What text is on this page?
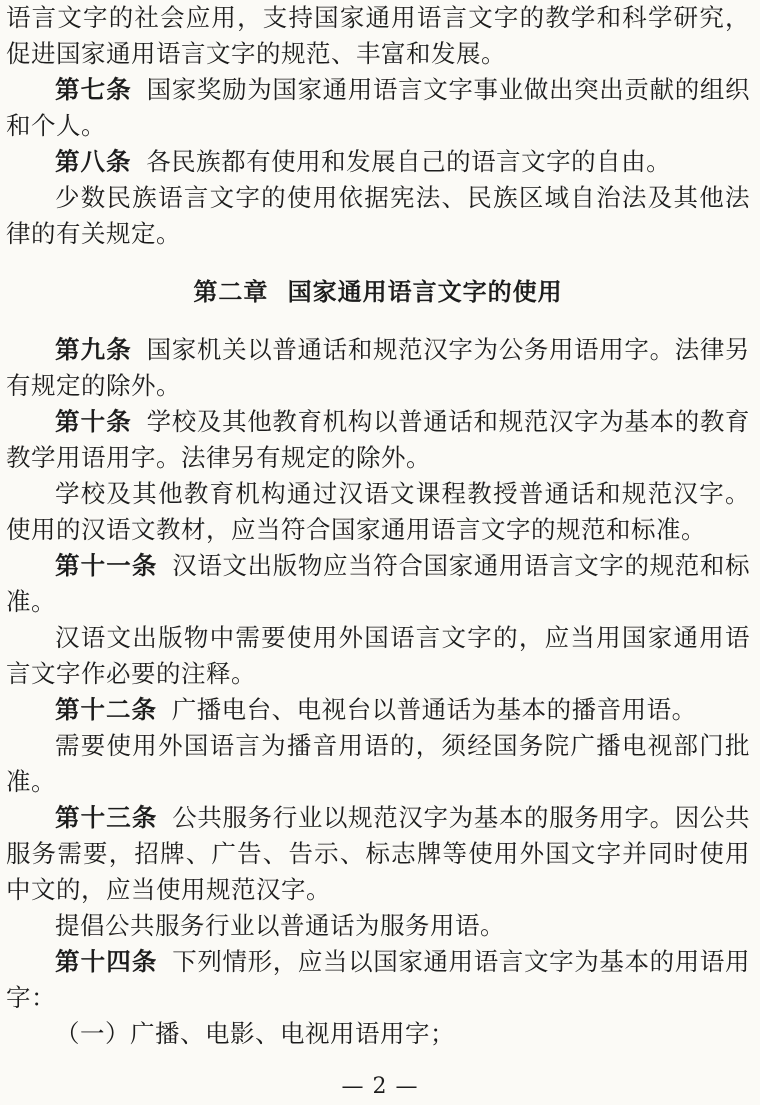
语言文字的社会应用，支持国家通用语言文字的教学和科学研究，促进国家通用语言文字的规范、丰富和发展。

第七条 国家奖励为国家通用语言文字事业做出突出贡献的组织和个人。

第八条 各民族都有使用和发展自己的语言文字的自由。

少数民族语言文字的使用依据宪法、民族区域自治法及其他法律的有关规定。

第二章 国家通用语言文字的使用

第九条 国家机关以普通话和规范汉字为公务用语用字。法律另有规定的除外。

第十条 学校及其他教育机构以普通话和规范汉字为基本的教育教学用语用字。法律另有规定的除外。

学校及其他教育机构通过汉语文课程教授普通话和规范汉字。使用的汉语文教材，应当符合国家通用语言文字的规范和标准。

第十一条 汉语文出版物应当符合国家通用语言文字的规范和标准。

汉语文出版物中需要使用外国语言文字的，应当用国家通用语言文字作必要的注释。

第十二条 广播电台、电视台以普通话为基本的播音用语。

需要使用外国语言为播音用语的，须经国务院广播电视部门批准。

第十三条 公共服务行业以规范汉字为基本的服务用字。因公共服务需要，招牌、广告、告示、标志牌等使用外国文字并同时使用中文的，应当使用规范汉字。

提倡公共服务行业以普通话为服务用语。

第十四条 下列情形，应当以国家通用语言文字为基本的用语用字：

（一）广播、电影、电视用语用字；

— 2 —
